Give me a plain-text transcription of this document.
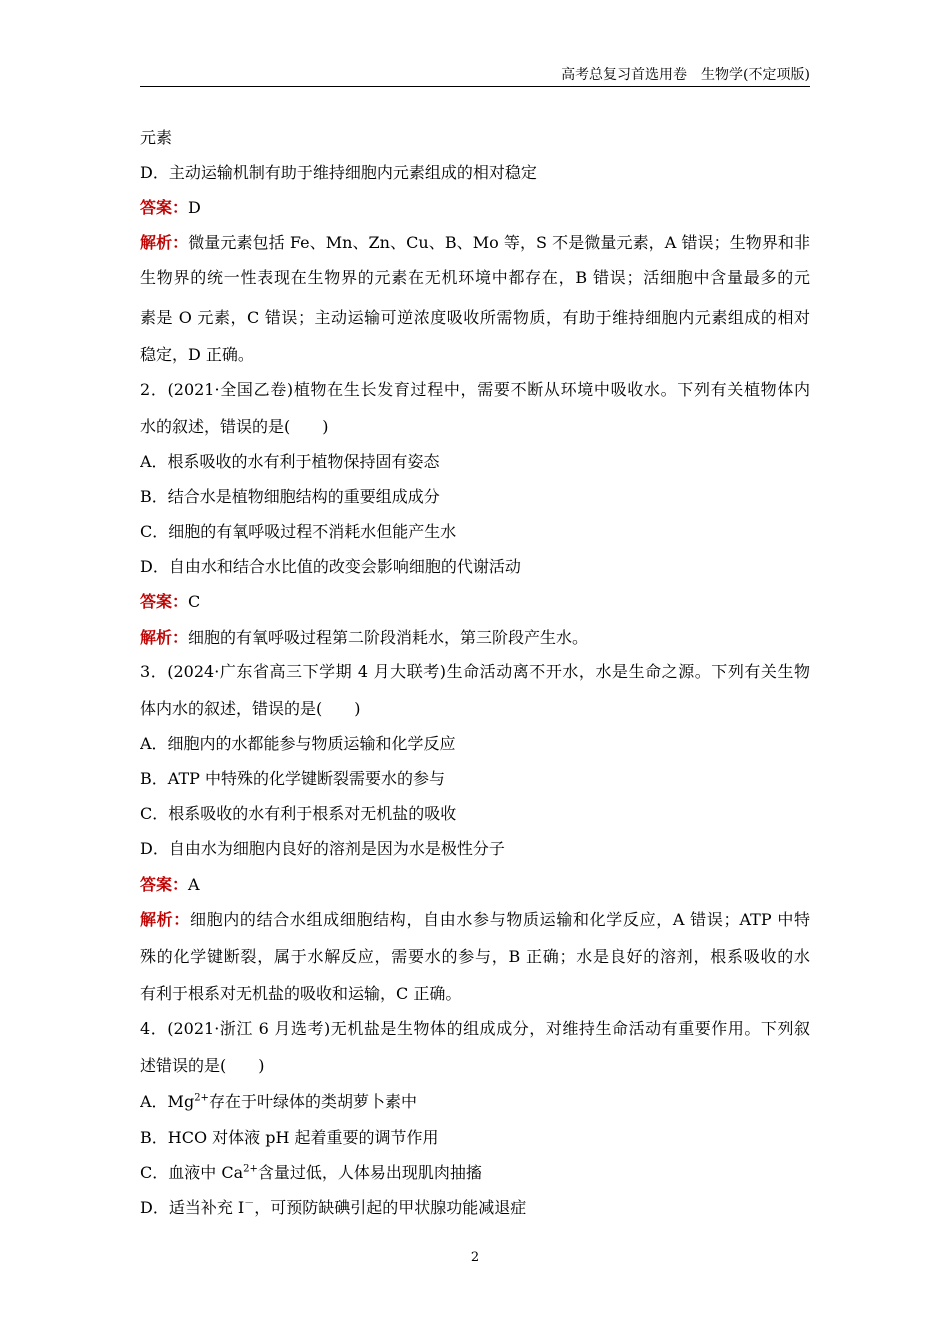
高考总复习首选用卷　生物学(不定项版)
元素
D．主动运输机制有助于维持细胞内元素组成的相对稳定
答案：D
解析：微量元素包括 Fe、Mn、Zn、Cu、B、Mo 等，S 不是微量元素，A 错误；生物界和非
生物界的统一性表现在生物界的元素在无机环境中都存在，B 错误；活细胞中含量最多的元
素是 O 元素，C 错误；主动运输可逆浓度吸收所需物质，有助于维持细胞内元素组成的相对
稳定，D 正确。
2．(2021·全国乙卷)植物在生长发育过程中，需要不断从环境中吸收水。下列有关植物体内
水的叙述，错误的是(　　)
A．根系吸收的水有利于植物保持固有姿态
B．结合水是植物细胞结构的重要组成成分
C．细胞的有氧呼吸过程不消耗水但能产生水
D．自由水和结合水比值的改变会影响细胞的代谢活动
答案：C
解析：细胞的有氧呼吸过程第二阶段消耗水，第三阶段产生水。
3．(2024·广东省高三下学期 4 月大联考)生命活动离不开水，水是生命之源。下列有关生物
体内水的叙述，错误的是(　　)
A．细胞内的水都能参与物质运输和化学反应
B．ATP 中特殊的化学键断裂需要水的参与
C．根系吸收的水有利于根系对无机盐的吸收
D．自由水为细胞内良好的溶剂是因为水是极性分子
答案：A
解析：细胞内的结合水组成细胞结构，自由水参与物质运输和化学反应，A 错误；ATP 中特
殊的化学键断裂，属于水解反应，需要水的参与，B 正确；水是良好的溶剂，根系吸收的水
有利于根系对无机盐的吸收和运输，C 正确。
4．(2021·浙江 6 月选考)无机盐是生物体的组成成分，对维持生命活动有重要作用。下列叙
述错误的是(　　)
A．$Mg^{2+}$存在于叶绿体的类胡萝卜素中
B．HCO 对体液 pH 起着重要的调节作用
C．血液中 $Ca^{2+}$含量过低，人体易出现肌肉抽搐
D．适当补充 I－，可预防缺碘引起的甲状腺功能减退症
2
